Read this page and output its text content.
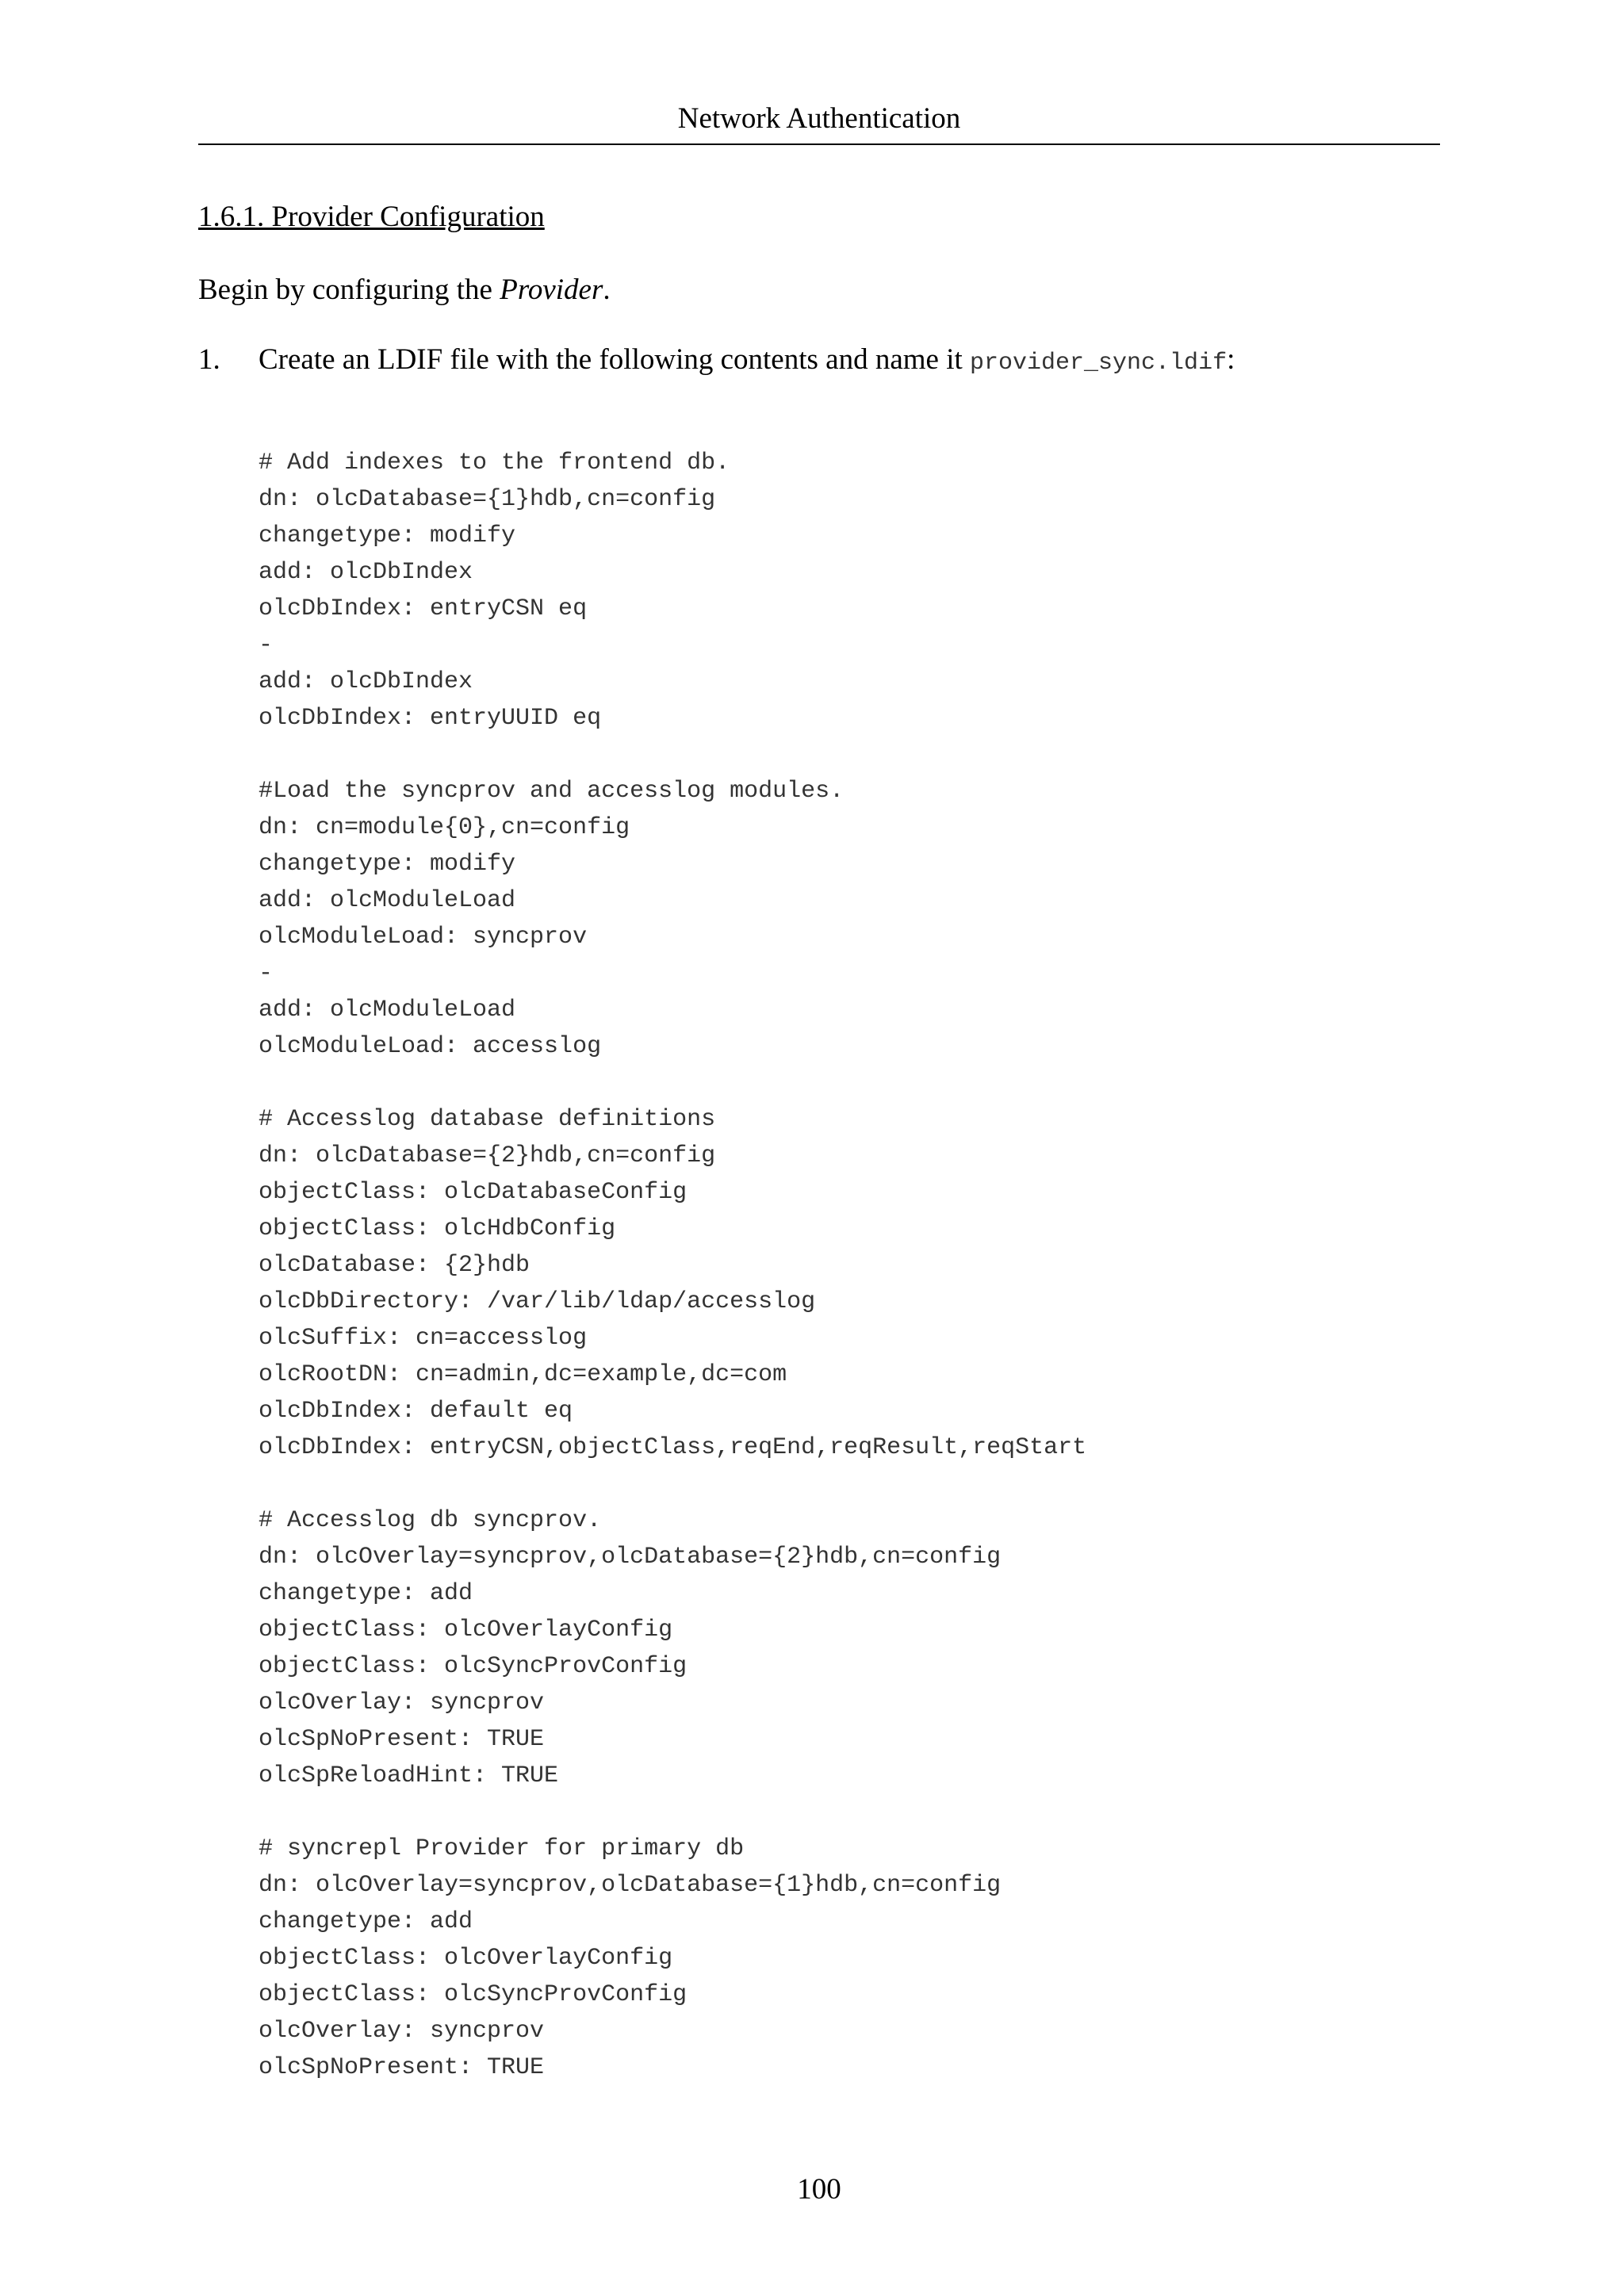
Network Authentication
1.6.1. Provider Configuration
Begin by configuring the Provider.
1. Create an LDIF file with the following contents and name it provider_sync.ldif:
# Add indexes to the frontend db.
dn: olcDatabase={1}hdb,cn=config
changetype: modify
add: olcDbIndex
olcDbIndex: entryCSN eq
-
add: olcDbIndex
olcDbIndex: entryUUID eq
#Load the syncprov and accesslog modules.
dn: cn=module{0},cn=config
changetype: modify
add: olcModuleLoad
olcModuleLoad: syncprov
-
add: olcModuleLoad
olcModuleLoad: accesslog
# Accesslog database definitions
dn: olcDatabase={2}hdb,cn=config
objectClass: olcDatabaseConfig
objectClass: olcHdbConfig
olcDatabase: {2}hdb
olcDbDirectory: /var/lib/ldap/accesslog
olcSuffix: cn=accesslog
olcRootDN: cn=admin,dc=example,dc=com
olcDbIndex: default eq
olcDbIndex: entryCSN,objectClass,reqEnd,reqResult,reqStart
# Accesslog db syncprov.
dn: olcOverlay=syncprov,olcDatabase={2}hdb,cn=config
changetype: add
objectClass: olcOverlayConfig
objectClass: olcSyncProvConfig
olcOverlay: syncprov
olcSpNoPresent: TRUE
olcSpReloadHint: TRUE
# syncrepl Provider for primary db
dn: olcOverlay=syncprov,olcDatabase={1}hdb,cn=config
changetype: add
objectClass: olcOverlayConfig
objectClass: olcSyncProvConfig
olcOverlay: syncprov
olcSpNoPresent: TRUE
100
